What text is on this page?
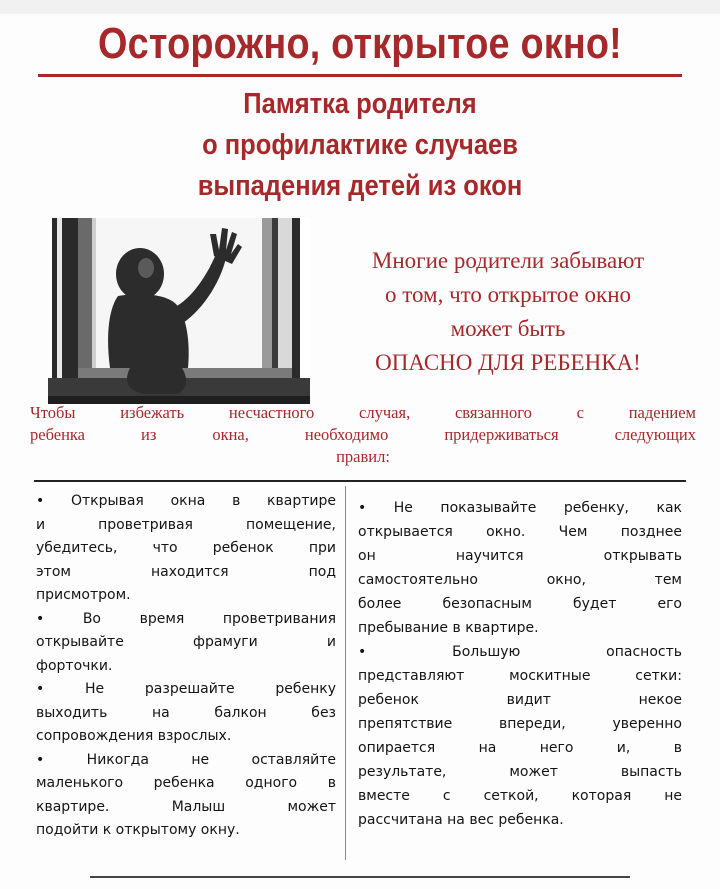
Осторожно, открытое окно!
Памятка родителя
о профилактике случаев
выпадения детей из окон
Многие родители забывают
о том, что открытое окно
может быть
ОПАСНО ДЛЯ РЕБЕНКА!
Чтобы избежать несчастного случая, связанного с падением
ребенка из окна, необходимо придерживаться следующих
правил:
• Открывая окна в квартире
и проветривая помещение,
убедитесь, что ребенок при
этом находится под
присмотром.
• Во время проветривания
открывайте фрамуги и
форточки.
• Не разрешайте ребенку
выходить на балкон без
сопровождения взрослых.
• Никогда не оставляйте
маленького ребенка одного в
квартире. Малыш может
подойти к открытому окну.
• Не показывайте ребенку, как
открывается окно. Чем позднее
он научится открывать
самостоятельно окно, тем
более безопасным будет его
пребывание в квартире.
• Большую опасность
представляют москитные сетки:
ребенок видит некое
препятствие впереди, уверенно
опирается на него и, в
результате, может выпасть
вместе с сеткой, которая не
рассчитана на вес ребенка.
